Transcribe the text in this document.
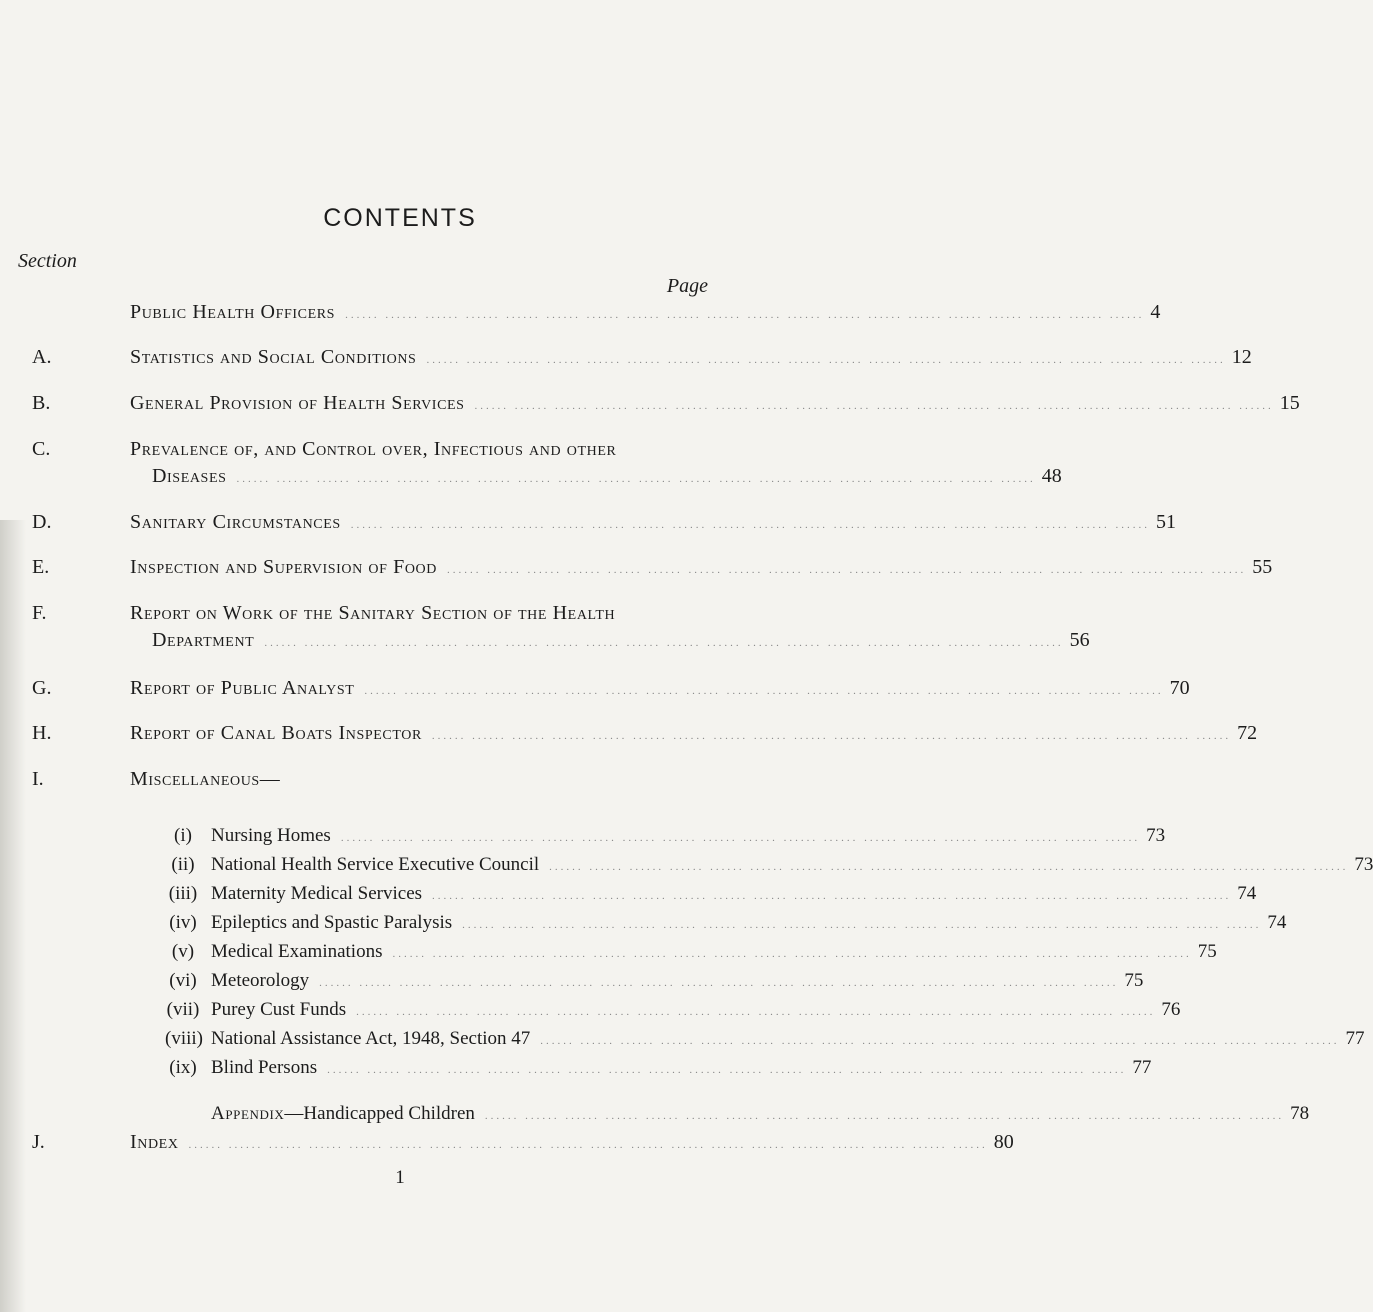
CONTENTS
Section
Page
Public Health Officers ...... ...... ...... ...... ...... ...... ...... ...... ...... ...... ...... ...... ...... ...... ...... ...... ...... ...... ...... ...... 4
A.	Statistics and Social Conditions ...... ...... ...... ...... ...... ...... ...... ...... ...... ...... ...... ...... ...... ...... ...... ...... ...... ...... ...... ...... 12
B.	General Provision of Health Services ...... ...... ...... ...... ...... ...... ...... ...... ...... ...... ...... ...... ...... ...... ...... ...... ...... ...... ...... ...... 15
C.	Prevalence of, and Control over, Infectious and other
Diseases ...... ...... ...... ...... ...... ...... ...... ...... ...... ...... ...... ...... ...... ...... ...... ...... ...... ...... ...... ...... 48
D.	Sanitary Circumstances ...... ...... ...... ...... ...... ...... ...... ...... ...... ...... ...... ...... ...... ...... ...... ...... ...... ...... ...... ...... 51
E.	Inspection and Supervision of Food ...... ...... ...... ...... ...... ...... ...... ...... ...... ...... ...... ...... ...... ...... ...... ...... ...... ...... ...... ...... 55
F.	Report on Work of the Sanitary Section of the Health
Department ...... ...... ...... ...... ...... ...... ...... ...... ...... ...... ...... ...... ...... ...... ...... ...... ...... ...... ...... ...... 56
G.	Report of Public Analyst ...... ...... ...... ...... ...... ...... ...... ...... ...... ...... ...... ...... ...... ...... ...... ...... ...... ...... ...... ...... 70
H.	Report of Canal Boats Inspector ...... ...... ...... ...... ...... ...... ...... ...... ...... ...... ...... ...... ...... ...... ...... ...... ...... ...... ...... ...... 72
I.	Miscellaneous—
(i)	Nursing Homes ...... ...... ...... ...... ...... ...... ...... ...... ...... ...... ...... ...... ...... ...... ...... ...... ...... ...... ...... ...... 73
(ii) National Health Service Executive Council ...... ...... ...... ...... ...... ...... ...... ...... ...... ...... ...... ...... ...... ...... ...... ...... ...... ...... ...... ...... 73
(iii) Maternity Medical Services ...... ...... ...... ...... ...... ...... ...... ...... ...... ...... ...... ...... ...... ...... ...... ...... ...... ...... ...... ...... 74
(iv) Epileptics and Spastic Paralysis ...... ...... ...... ...... ...... ...... ...... ...... ...... ...... ...... ...... ...... ...... ...... ...... ...... ...... ...... ...... 74
(v) Medical Examinations ...... ...... ...... ...... ...... ...... ...... ...... ...... ...... ...... ...... ...... ...... ...... ...... ...... ...... ...... ...... 75
(vi) Meteorology ...... ...... ...... ...... ...... ...... ...... ...... ...... ...... ...... ...... ...... ...... ...... ...... ...... ...... ...... ...... 75
(vii) Purey Cust Funds ...... ...... ...... ...... ...... ...... ...... ...... ...... ...... ...... ...... ...... ...... ...... ...... ...... ...... ...... ...... 76
(viii) National Assistance Act, 1948, Section 47 ...... ...... ...... ...... ...... ...... ...... ...... ...... ...... ...... ...... ...... ...... ...... ...... ...... ...... ...... ...... 77
(ix) Blind Persons ...... ...... ...... ...... ...... ...... ...... ...... ...... ...... ...... ...... ...... ...... ...... ...... ...... ...... ...... ...... 77
Appendix—Handicapped Children ...... ...... ...... ...... ...... ...... ...... ...... ...... ...... ...... ...... ...... ...... ...... ...... ...... ...... ...... ...... 78
J.	Index ...... ...... ...... ...... ...... ...... ...... ...... ...... ...... ...... ...... ...... ...... ...... ...... ...... ...... ...... ...... 80
1
